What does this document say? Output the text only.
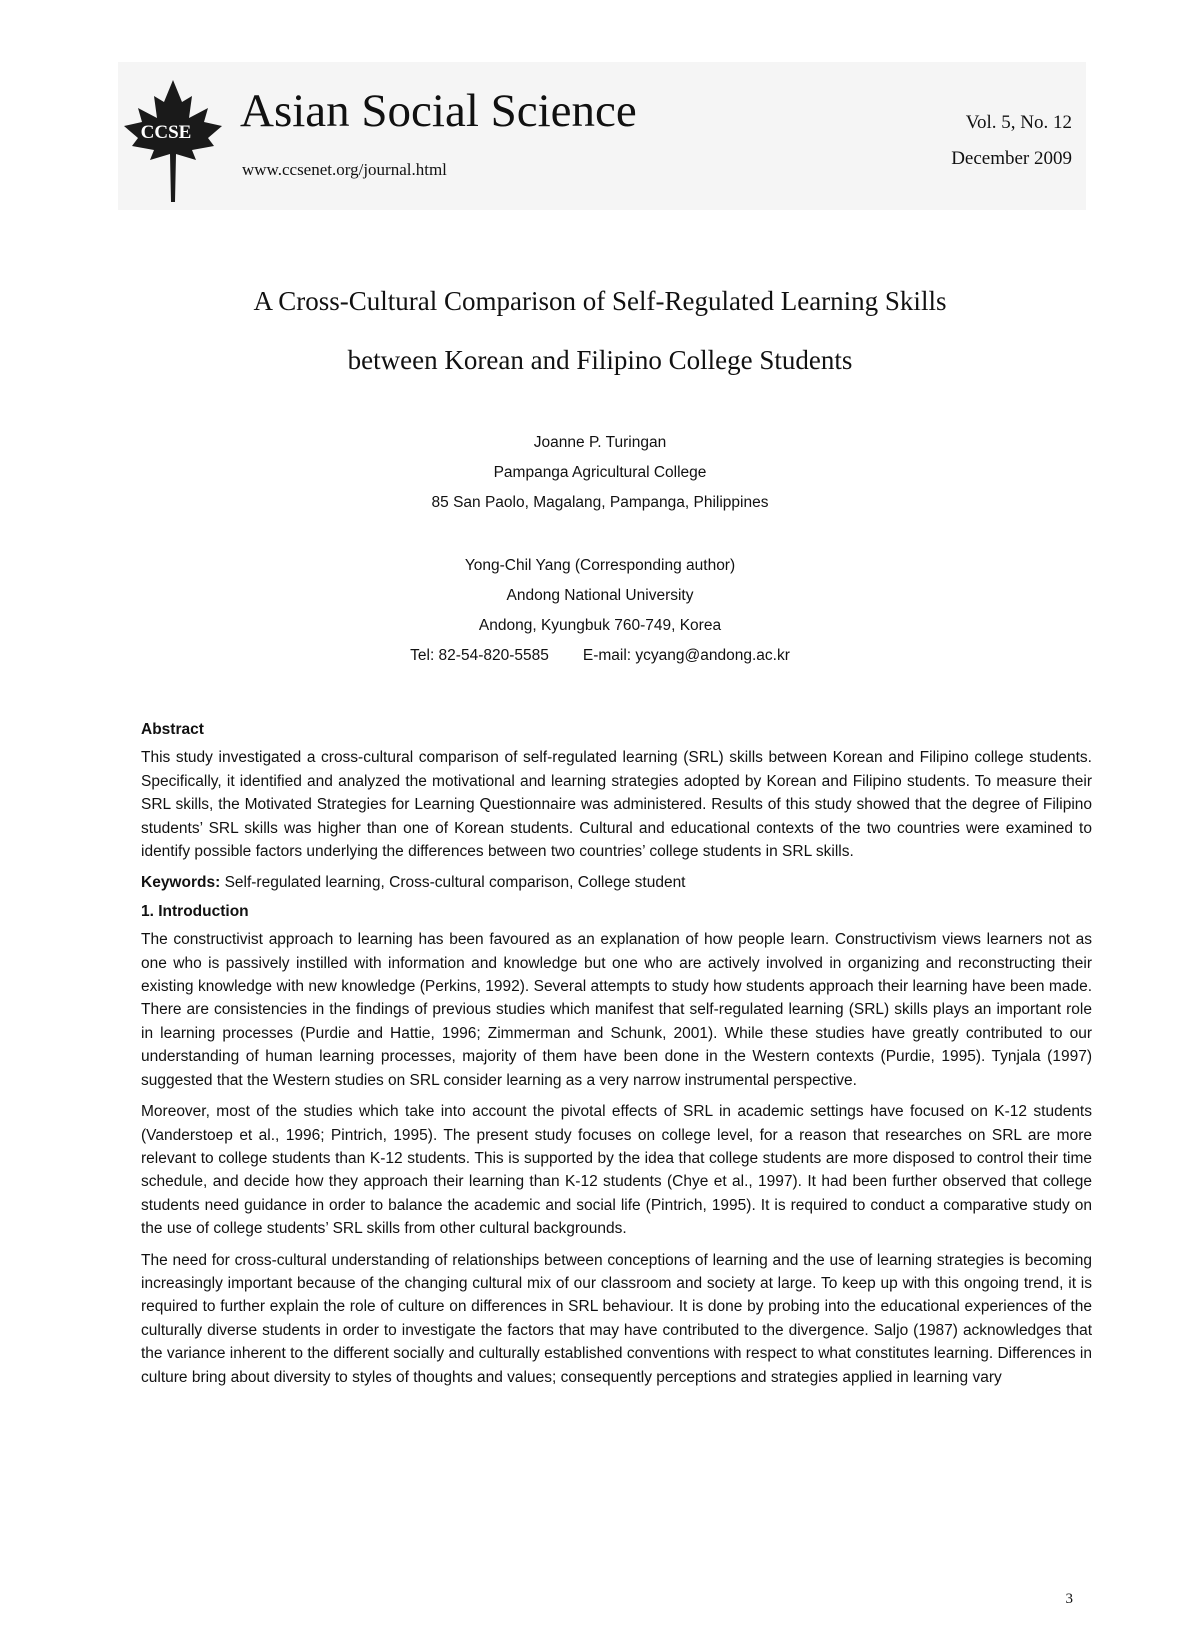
CCSE	Asian Social Science
www.ccsenet.org/journal.html
Vol. 5, No. 12
December 2009
A Cross-Cultural Comparison of Self-Regulated Learning Skills
between Korean and Filipino College Students
Joanne P. Turingan
Pampanga Agricultural College
85 San Paolo, Magalang, Pampanga, Philippines
Yong-Chil Yang (Corresponding author)
Andong National University
Andong, Kyungbuk 760-749, Korea
Tel: 82-54-820-5585 E-mail: ycyang@andong.ac.kr
Abstract

This study investigated a cross-cultural comparison of self-regulated learning (SRL) skills between Korean and Filipino college students. Specifically, it identified and analyzed the motivational and learning strategies adopted by Korean and Filipino students. To measure their SRL skills, the Motivated Strategies for Learning Questionnaire was administered. Results of this study showed that the degree of Filipino students’ SRL skills was higher than one of Korean students. Cultural and educational contexts of the two countries were examined to identify possible factors underlying the differences between two countries’ college students in SRL skills.

Keywords: Self-regulated learning, Cross-cultural comparison, College student

1. Introduction

The constructivist approach to learning has been favoured as an explanation of how people learn. Constructivism views learners not as one who is passively instilled with information and knowledge but one who are actively involved in organizing and reconstructing their existing knowledge with new knowledge (Perkins, 1992). Several attempts to study how students approach their learning have been made. There are consistencies in the findings of previous studies which manifest that self-regulated learning (SRL) skills plays an important role in learning processes (Purdie and Hattie, 1996; Zimmerman and Schunk, 2001). While these studies have greatly contributed to our understanding of human learning processes, majority of them have been done in the Western contexts (Purdie, 1995). Tynjala (1997) suggested that the Western studies on SRL consider learning as a very narrow instrumental perspective.

Moreover, most of the studies which take into account the pivotal effects of SRL in academic settings have focused on K-12 students (Vanderstoep et al., 1996; Pintrich, 1995). The present study focuses on college level, for a reason that researches on SRL are more relevant to college students than K-12 students. This is supported by the idea that college students are more disposed to control their time schedule, and decide how they approach their learning than K-12 students (Chye et al., 1997). It had been further observed that college students need guidance in order to balance the academic and social life (Pintrich, 1995). It is required to conduct a comparative study on the use of college students’ SRL skills from other cultural backgrounds.

The need for cross-cultural understanding of relationships between conceptions of learning and the use of learning strategies is becoming increasingly important because of the changing cultural mix of our classroom and society at large. To keep up with this ongoing trend, it is required to further explain the role of culture on differences in SRL behaviour. It is done by probing into the educational experiences of the culturally diverse students in order to investigate the factors that may have contributed to the divergence. Saljo (1987) acknowledges that the variance inherent to the different socially and culturally established conventions with respect to what constitutes learning. Differences in culture bring about diversity to styles of thoughts and values; consequently perceptions and strategies applied in learning vary

3
